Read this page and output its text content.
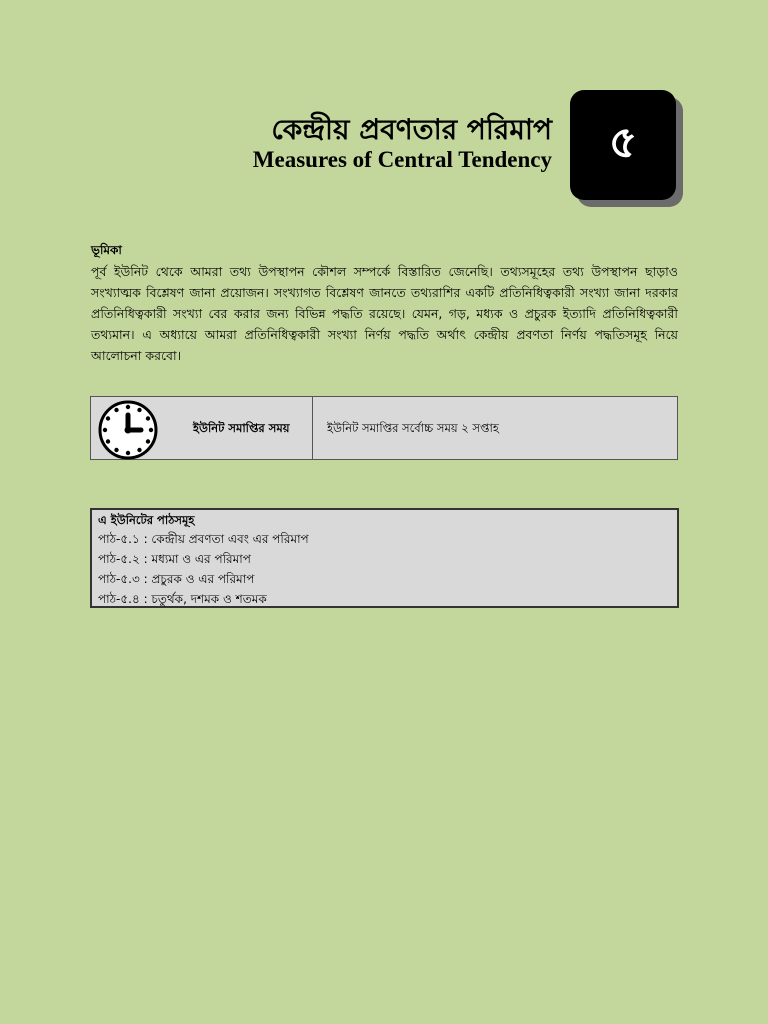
কেন্দ্রীয় প্রবণতার পরিমাপ
Measures of Central Tendency ৫

ভূমিকা

পূর্ব ইউনিট থেকে আমরা তথ্য উপস্থাপন কৌশল সম্পর্কে বিস্তারিত জেনেছি। তথ্যসমূহের তথ্য উপস্থাপন ছাড়াও সংখ্যাত্মক বিশ্লেষণ জানা প্রয়োজন। সংখ্যাগত বিশ্লেষণ জানতে তথ্যরাশির একটি প্রতিনিধিত্বকারী সংখ্যা জানা দরকার প্রতিনিধিত্বকারী সংখ্যা বের করার জন্য বিভিন্ন পদ্ধতি রয়েছে। যেমন, গড়, মধ্যক ও প্রচুরক ইত্যাদি প্রতিনিধিত্বকারী তথ্যমান। এ অধ্যায়ে আমরা প্রতিনিধিত্বকারী সংখ্যা নির্ণয় পদ্ধতি অর্থাৎ কেন্দ্রীয় প্রবণতা নির্ণয় পদ্ধতিসমূহ নিয়ে আলোচনা করবো।

ইউনিট সমাপ্তির সময়	ইউনিট সমাপ্তির সর্বোচ্চ সময় ২ সপ্তাহ

এ ইউনিটের পাঠসমূহ

পাঠ-৫.১ : কেন্দ্রীয় প্রবণতা এবং এর পরিমাপ

পাঠ-৫.২ : মধ্যমা ও এর পরিমাপ

পাঠ-৫.৩ : প্রচুরক ও এর পরিমাপ

পাঠ-৫.৪ : চতুর্থক, দশমক ও শতমক
